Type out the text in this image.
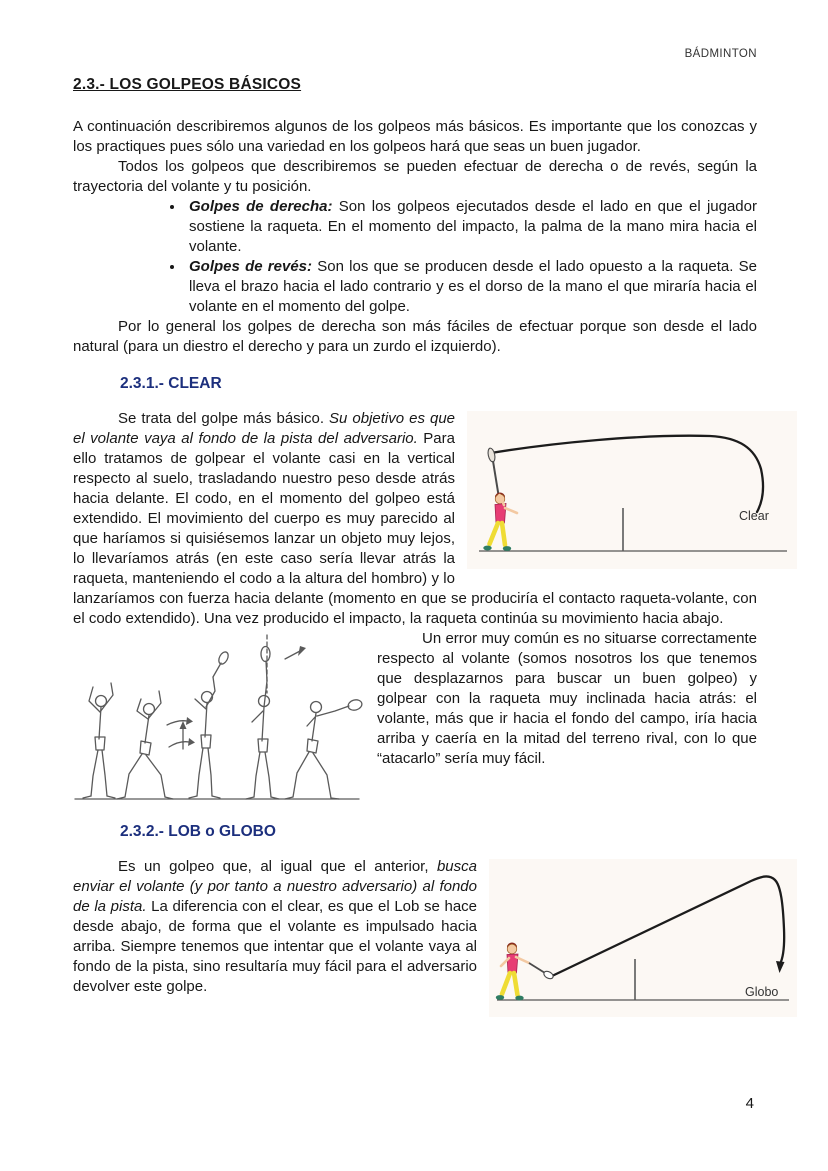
BÁDMINTON
2.3.- LOS GOLPEOS BÁSICOS

A continuación describiremos algunos de los golpeos más básicos. Es importante que los conozcas y los practiques pues sólo una variedad en los golpeos hará que seas un buen jugador.

Todos los golpeos que describiremos se pueden efectuar de derecha o de revés, según la trayectoria del volante y tu posición.

• Golpes de derecha: Son los golpeos ejecutados desde el lado en que el jugador sostiene la raqueta. En el momento del impacto, la palma de la mano mira hacia el volante.
• Golpes de revés: Son los que se producen desde el lado opuesto a la raqueta. Se lleva el brazo hacia el lado contrario y es el dorso de la mano el que miraría hacia el volante en el momento del golpe.

Por lo general los golpes de derecha son más fáciles de efectuar porque son desde el lado natural (para un diestro el derecho y para un zurdo el izquierdo).

2.3.1.- CLEAR
Clear

Se trata del golpe más básico. Su objetivo es que el volante vaya al fondo de la pista del adversario. Para ello tratamos de golpear el volante casi en la vertical respecto al suelo, trasladando nuestro peso desde atrás hacia delante. El codo, en el momento del golpeo está extendido. El movimiento del cuerpo es muy parecido al que haríamos si quisiésemos lanzar un objeto muy lejos, lo llevaríamos atrás (en este caso sería llevar atrás la raqueta, manteniendo el codo a la altura del hombro) y lo lanzaríamos con fuerza hacia delante (momento en que se produciría el contacto raqueta-volante, con el codo extendido). Una vez producido el impacto, la raqueta continúa su movimiento hacia abajo.

Un error muy común es no situarse correctamente respecto al volante (somos nosotros los que tenemos que desplazarnos para buscar un buen golpeo) y golpear con la raqueta muy inclinada hacia atrás: el volante, más que ir hacia el fondo del campo, iría hacia arriba y caería en la mitad del terreno rival, con lo que “atacarlo” sería muy fácil.

2.3.2.- LOB o GLOBO
Globo

Es un golpeo que, al igual que el anterior, busca enviar el volante (y por tanto a nuestro adversario) al fondo de la pista. La diferencia con el clear, es que el Lob se hace desde abajo, de forma que el volante es impulsado hacia arriba. Siempre tenemos que intentar que el volante vaya al fondo de la pista, sino resultaría muy fácil para el adversario devolver este golpe.

4
